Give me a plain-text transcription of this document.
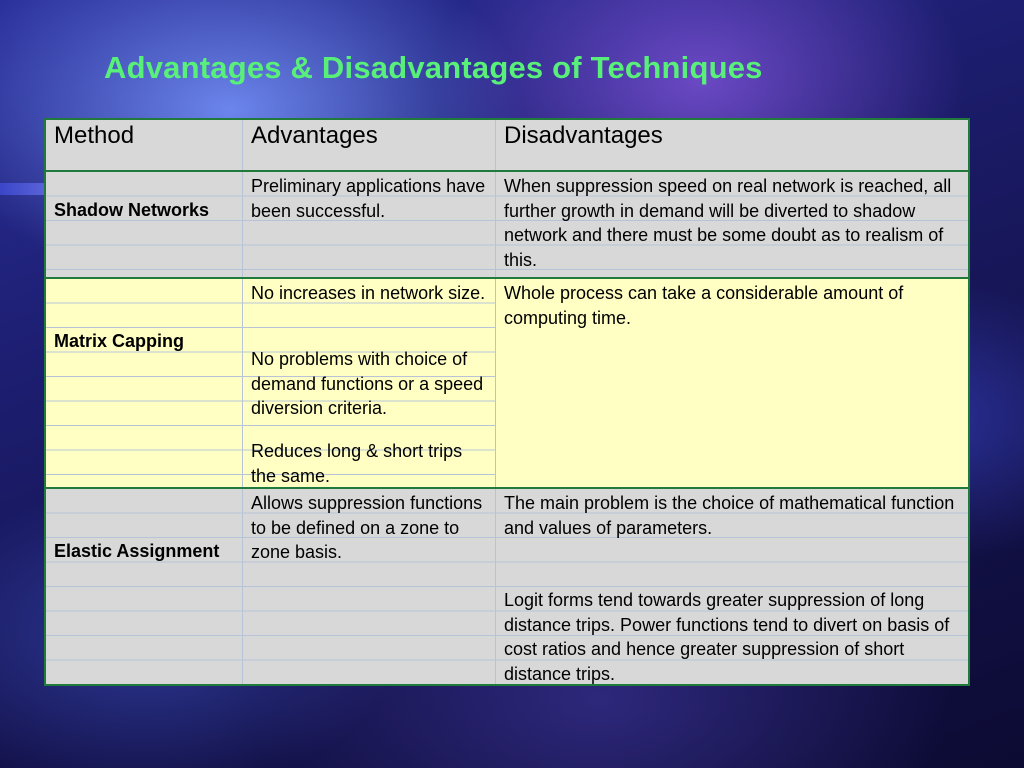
Advantages & Disadvantages of Techniques
Method	Advantages	Disadvantages
Shadow Networks
Preliminary applications have been successful.
When suppression speed on real network is reached, all further growth in demand will be diverted to shadow network and there must be some doubt as to realism of this.
Matrix Capping
No increases in network size.
No problems with choice of demand functions or a speed diversion criteria.
Reduces long & short trips the same.
Whole process can take a considerable amount of computing time.
Elastic Assignment
Allows suppression functions to be defined on a zone to zone basis.
The main problem is the choice of mathematical function and values of parameters.
Logit forms tend towards greater suppression of long distance trips. Power functions tend to divert on basis of cost ratios and hence greater suppression of short distance trips.
